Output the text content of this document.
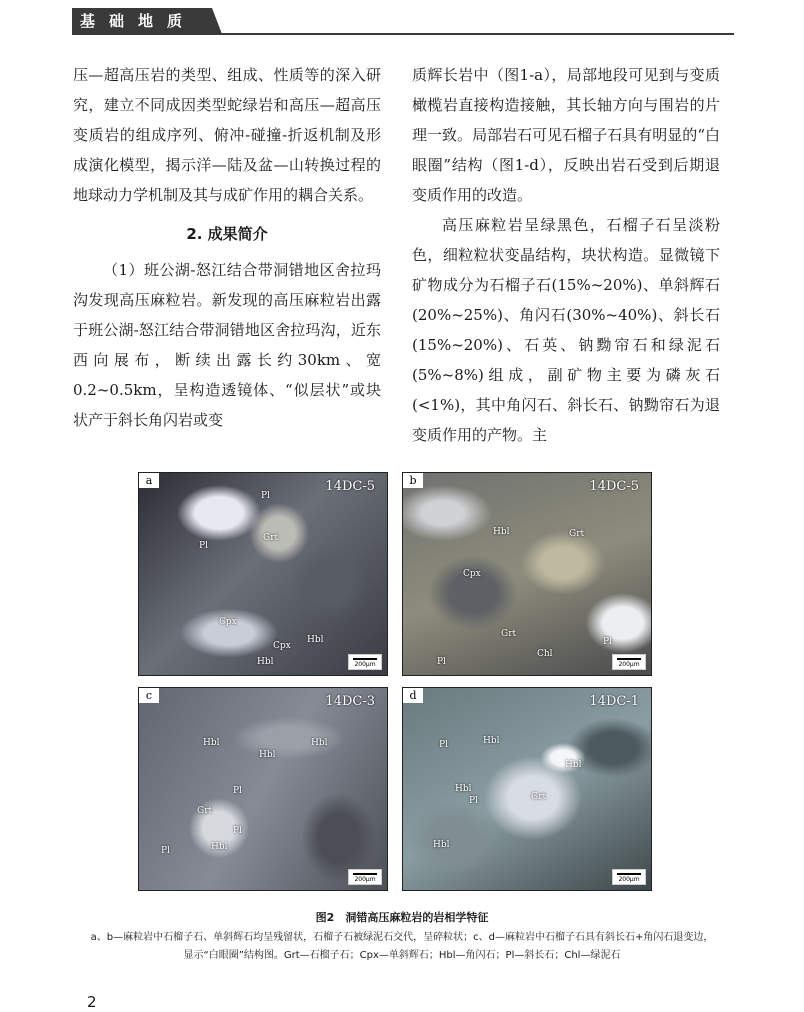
基础地质

压—超高压岩的类型、组成、性质等的深入研究，建立不同成因类型蛇绿岩和高压—超高压变质岩的组成序列、俯冲-碰撞-折返机制及形成演化模型，揭示洋—陆及盆—山转换过程的地球动力学机制及其与成矿作用的耦合关系。

2. 成果简介

（1）班公湖-怒江结合带洞错地区舍拉玛沟发现高压麻粒岩。新发现的高压麻粒岩出露于班公湖-怒江结合带洞错地区舍拉玛沟，近东西向展布，断续出露长约30km、宽0.2~0.5km，呈构造透镜体、“似层状”或块状产于斜长角闪岩或变

质辉长岩中（图1-a），局部地段可见到与变质橄榄岩直接构造接触，其长轴方向与围岩的片理一致。局部岩石可见石榴子石具有明显的“白眼圈”结构（图1-d），反映出岩石受到后期退变质作用的改造。

高压麻粒岩呈绿黑色，石榴子石呈淡粉色，细粒粒状变晶结构，块状构造。显微镜下矿物成分为石榴子石(15%~20%)、单斜辉石(20%~25%)、角闪石(30%~40%)、斜长石(15%~20%)、石英、钠黝帘石和绿泥石(5%~8%)组成，副矿物主要为磷灰石(<1%)，其中角闪石、斜长石、钠黝帘石为退变质作用的产物。主

a	14DC-5
Pl
Grt
Pl
Cpx
Cpx
Hbl
Hbl	200μm
b	14DC-5
Hbl	Grt
Cpx
Grt
Chl
Pl
Pl	200μm
c	14DC-3
Hbl	Hbl
Hbl
Pl
Grt
Pl
Pl	Hbl
200μm
d	14DC-1
Pl	Hbl
Hbl
Hbl
Pl	Grt
Hbl
200μm
图2　洞错高压麻粒岩的岩相学特征
a、b—麻粒岩中石榴子石、单斜辉石均呈残留状，石榴子石被绿泥石交代，呈碎粒状；c、d—麻粒岩中石榴子石具有斜长石+角闪石退变边，显示“白眼圈”结构图。Grt—石榴子石；Cpx—单斜辉石；Hbl—角闪石；Pl—斜长石；Chl—绿泥石
2
